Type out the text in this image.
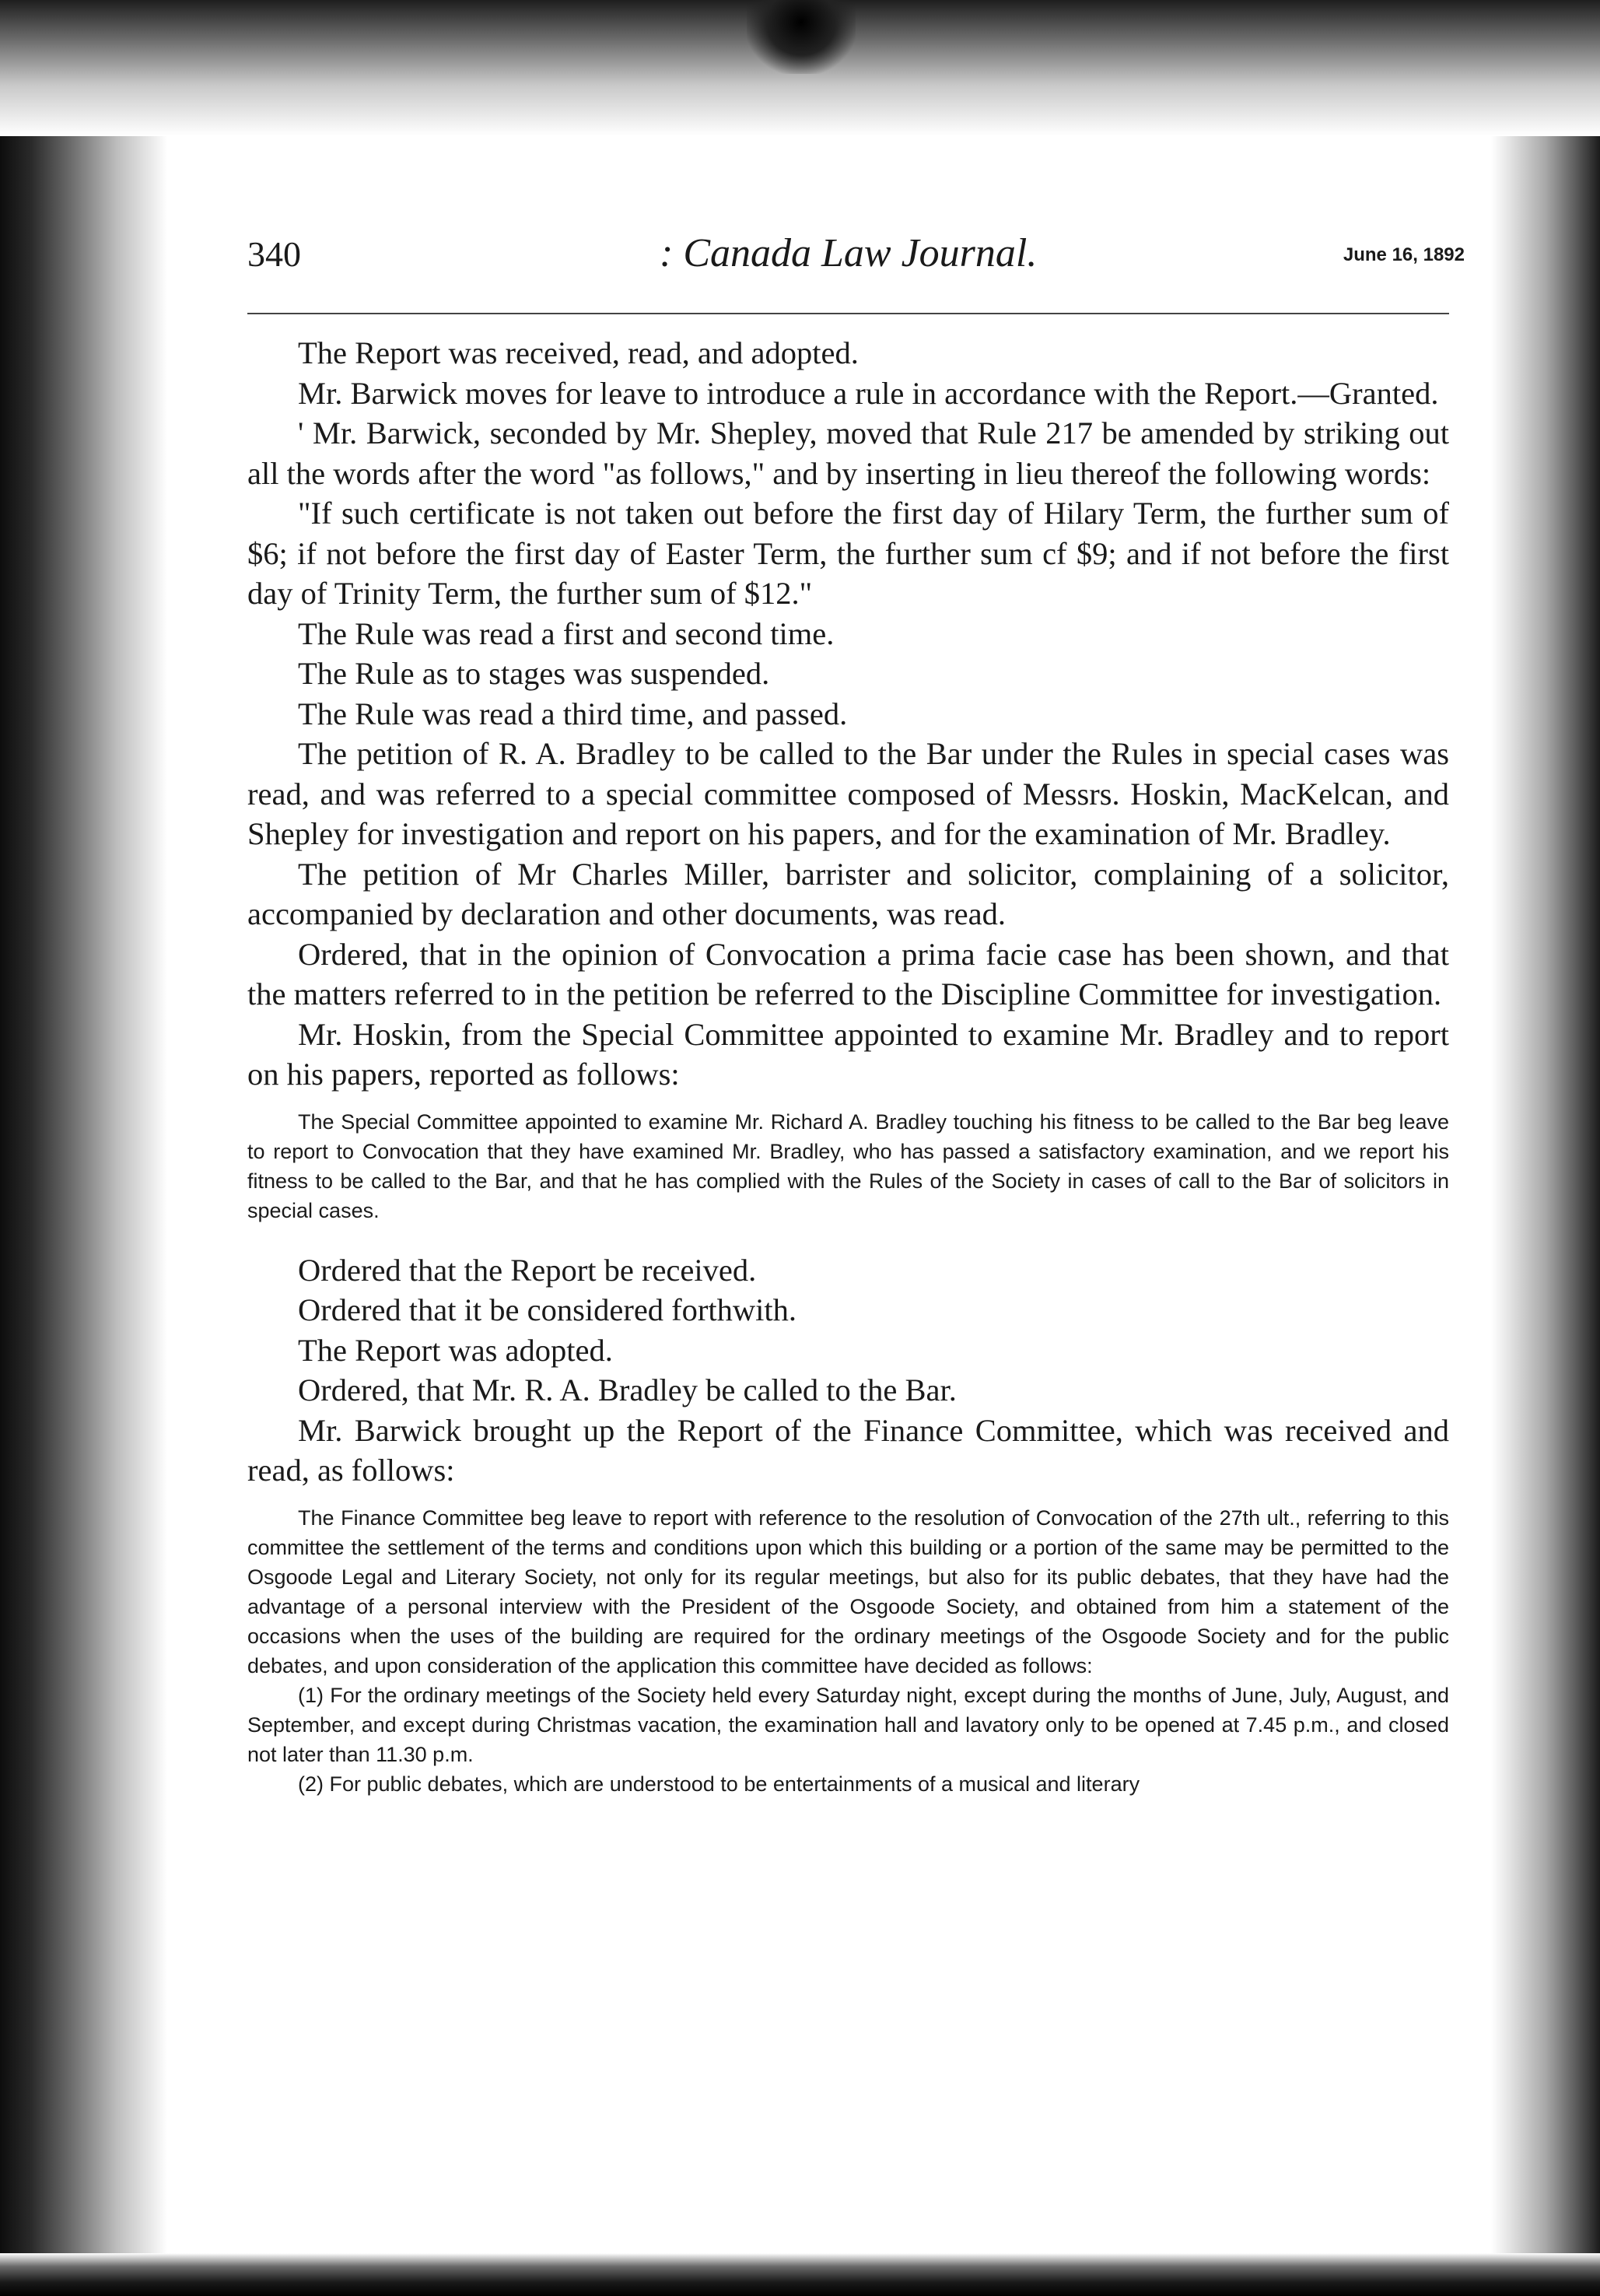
340	: Canada Law Journal.	June 16, 1892

The Report was received, read, and adopted.

Mr. Barwick moves for leave to introduce a rule in accordance with the Report.—Granted.

' Mr. Barwick, seconded by Mr. Shepley, moved that Rule 217 be amended by striking out all the words after the word "as follows," and by inserting in lieu thereof the following words:

"If such certificate is not taken out before the first day of Hilary Term, the further sum of $6; if not before the first day of Easter Term, the further sum cf $9; and if not before the first day of Trinity Term, the further sum of $12."

The Rule was read a first and second time.

The Rule as to stages was suspended.

The Rule was read a third time, and passed.

The petition of R. A. Bradley to be called to the Bar under the Rules in special cases was read, and was referred to a special committee composed of Messrs. Hoskin, MacKelcan, and Shepley for investigation and report on his papers, and for the examination of Mr. Bradley.

The petition of Mr Charles Miller, barrister and solicitor, complaining of a solicitor, accompanied by declaration and other documents, was read.

Ordered, that in the opinion of Convocation a prima facie case has been shown, and that the matters referred to in the petition be referred to the Discipline Committee for investigation.

Mr. Hoskin, from the Special Committee appointed to examine Mr. Bradley and to report on his papers, reported as follows:

The Special Committee appointed to examine Mr. Richard A. Bradley touching his fitness to be called to the Bar beg leave to report to Convocation that they have examined Mr. Bradley, who has passed a satisfactory examination, and we report his fitness to be called to the Bar, and that he has complied with the Rules of the Society in cases of call to the Bar of solicitors in special cases.

Ordered that the Report be received.

Ordered that it be considered forthwith.

The Report was adopted.

Ordered, that Mr. R. A. Bradley be called to the Bar.

Mr. Barwick brought up the Report of the Finance Committee, which was received and read, as follows:

The Finance Committee beg leave to report with reference to the resolution of Convocation of the 27th ult., referring to this committee the settlement of the terms and conditions upon which this building or a portion of the same may be permitted to the Osgoode Legal and Literary Society, not only for its regular meetings, but also for its public debates, that they have had the advantage of a personal interview with the President of the Osgoode Society, and obtained from him a statement of the occasions when the uses of the building are required for the ordinary meetings of the Osgoode Society and for the public debates, and upon consideration of the application this committee have decided as follows:

(1) For the ordinary meetings of the Society held every Saturday night, except during the months of June, July, August, and September, and except during Christmas vacation, the examination hall and lavatory only to be opened at 7.45 p.m., and closed not later than 11.30 p.m.

(2) For public debates, which are understood to be entertainments of a musical and literary
